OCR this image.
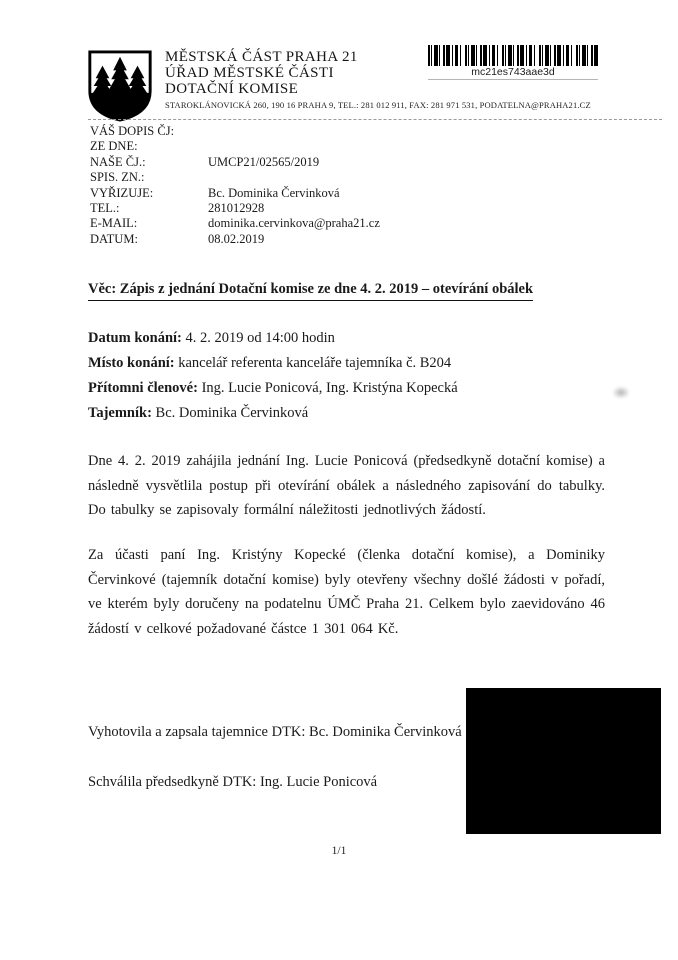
MĚSTSKÁ ČÁST PRAHA 21
ÚŘAD MĚSTSKÉ ČÁSTI
DOTAČNÍ KOMISE
STAROKLÁNOVICKÁ 260, 190 16 PRAHA 9, TEL.: 281 012 911, FAX: 281 971 531, PODATELNA@PRAHA21.CZ
mc21es743aae3d
VÁŠ DOPIS ČJ:
ZE DNE:
NAŠE ČJ.:	UMCP21/02565/2019
SPIS. ZN.:
VYŘIZUJE:	Bc. Dominika Červinková
TEL.:	281012928
E-MAIL:	dominika.cervinkova@praha21.cz
DATUM:	08.02.2019
Věc: Zápis z jednání Dotační komise ze dne 4. 2. 2019 – otevírání obálek
Datum konání: 4. 2. 2019 od 14:00 hodin
Místo konání: kancelář referenta kanceláře tajemníka č. B204
Přítomni členové: Ing. Lucie Ponicová, Ing. Kristýna Kopecká
Tajemník: Bc. Dominika Červinková

Dne 4. 2. 2019 zahájila jednání Ing. Lucie Ponicová (předsedkyně dotační komise) a následně vysvětlila postup při otevírání obálek a následného zapisování do tabulky. Do tabulky se zapisovaly formální náležitosti jednotlivých žádostí.

Za účasti paní Ing. Kristýny Kopecké (členka dotační komise), a Dominiky Červinkové (tajemník dotační komise) byly otevřeny všechny došlé žádosti v pořadí, ve kterém byly doručeny na podatelnu ÚMČ Praha 21. Celkem bylo zaevidováno 46 žádostí v celkové požadované částce 1 301 064 Kč.

Vyhotovila a zapsala tajemnice DTK: Bc. Dominika Červinková
Schválila předsedkyně DTK: Ing. Lucie Ponicová
1/1
